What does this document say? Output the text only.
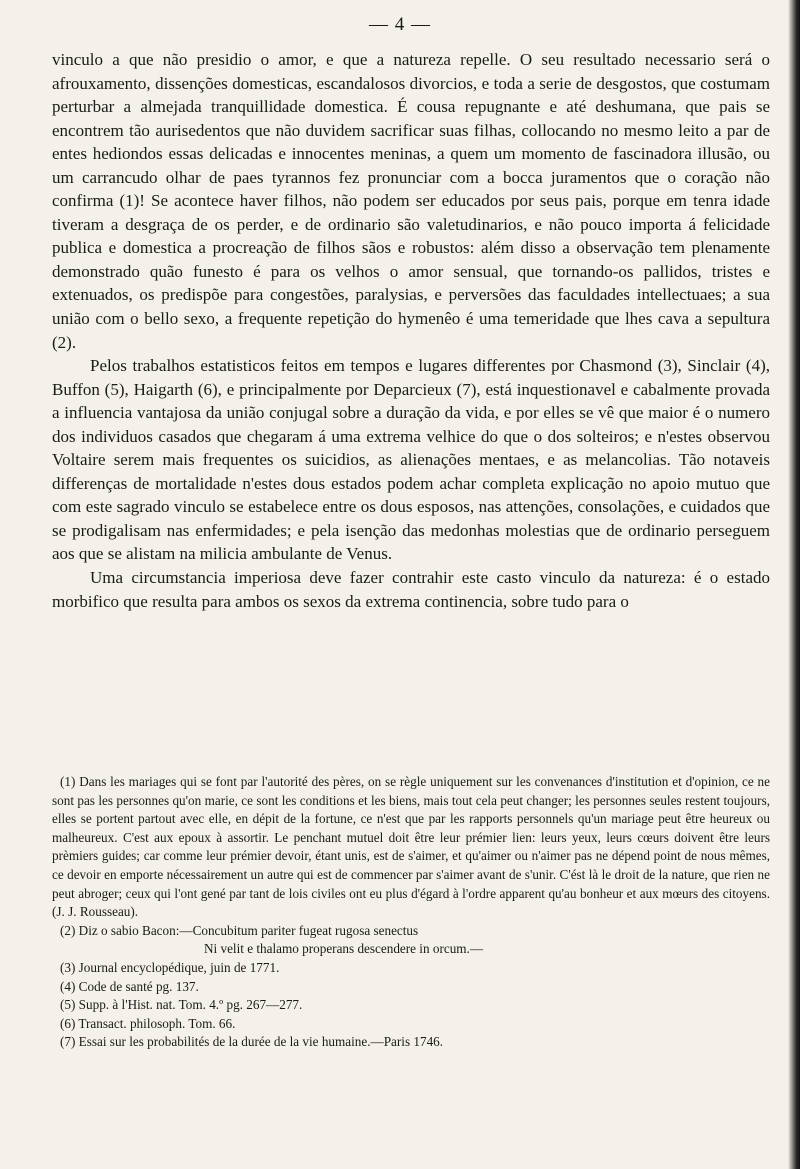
— 4 —

vinculo a que não presidio o amor, e que a natureza repelle. O seu resultado necessario será o afrouxamento, dissenções domesticas, escandalosos divorcios, e toda a serie de desgostos, que costumam perturbar a almejada tranquillidade domestica. É cousa repugnante e até deshumana, que pais se encontrem tão aurisedentos que não duvidem sacrificar suas filhas, collocando no mesmo leito a par de entes hediondos essas delicadas e innocentes meninas, a quem um momento de fascinadora illusão, ou um carrancudo olhar de paes tyrannos fez pronunciar com a bocca juramentos que o coração não confirma (1)! Se acontece haver filhos, não podem ser educados por seus pais, porque em tenra idade tiveram a desgraça de os perder, e de ordinario são valetudinarios, e não pouco importa á felicidade publica e domestica a procreação de filhos sãos e robustos: além disso a observação tem plenamente demonstrado quão funesto é para os velhos o amor sensual, que tornando-os pallidos, tristes e extenuados, os predispõe para congestões, paralysias, e perversões das faculdades intellectuaes; a sua união com o bello sexo, a frequente repetição do hymenêo é uma temeridade que lhes cava a sepultura (2).

Pelos trabalhos estatisticos feitos em tempos e lugares differentes por Chasmond (3), Sinclair (4), Buffon (5), Haigarth (6), e principalmente por Deparcieux (7), está inquestionavel e cabalmente provada a influencia vantajosa da união conjugal sobre a duração da vida, e por elles se vê que maior é o numero dos individuos casados que chegaram á uma extrema velhice do que o dos solteiros; e n'estes observou Voltaire serem mais frequentes os suicidios, as alienações mentaes, e as melancolias. Tão notaveis differenças de mortalidade n'estes dous estados podem achar completa explicação no apoio mutuo que com este sagrado vinculo se estabelece entre os dous esposos, nas attenções, consolações, e cuidados que se prodigalisam nas enfermidades; e pela isenção das medonhas molestias que de ordinario perseguem aos que se alistam na milicia ambulante de Venus.

Uma circumstancia imperiosa deve fazer contrahir este casto vinculo da natureza: é o estado morbifico que resulta para ambos os sexos da extrema continencia, sobre tudo para o

(1) Dans les mariages qui se font par l'autorité des pères, on se règle uniquement sur les convenances d'institution et d'opinion, ce ne sont pas les personnes qu'on marie, ce sont les conditions et les biens, mais tout cela peut changer; les personnes seules restent toujours, elles se portent partout avec elle, en dépit de la fortune, ce n'est que par les rapports personnels qu'un mariage peut être heureux ou malheureux. C'est aux epoux à assortir. Le penchant mutuel doit être leur prémier lien: leurs yeux, leurs cœurs doivent être leurs prèmiers guides; car comme leur prémier devoir, étant unis, est de s'aimer, et qu'aimer ou n'aimer pas ne dépend point de nous mêmes, ce devoir en emporte nécessairement un autre qui est de commencer par s'aimer avant de s'unir. C'ést là le droit de la nature, que rien ne peut abroger; ceux qui l'ont gené par tant de lois civiles ont eu plus d'égard à l'ordre apparent qu'au bonheur et aux mœurs des citoyens. (J. J. Rousseau).

(2) Diz o sabio Bacon:—Concubitum pariter fugeat rugosa senectus

Ni velit e thalamo properans descendere in orcum.—

(3) Journal encyclopédique, juin de 1771.

(4) Code de santé pg. 137.

(5) Supp. à l'Hist. nat. Tom. 4.º pg. 267—277.

(6) Transact. philosoph. Tom. 66.

(7) Essai sur les probabilités de la durée de la vie humaine.—Paris 1746.
